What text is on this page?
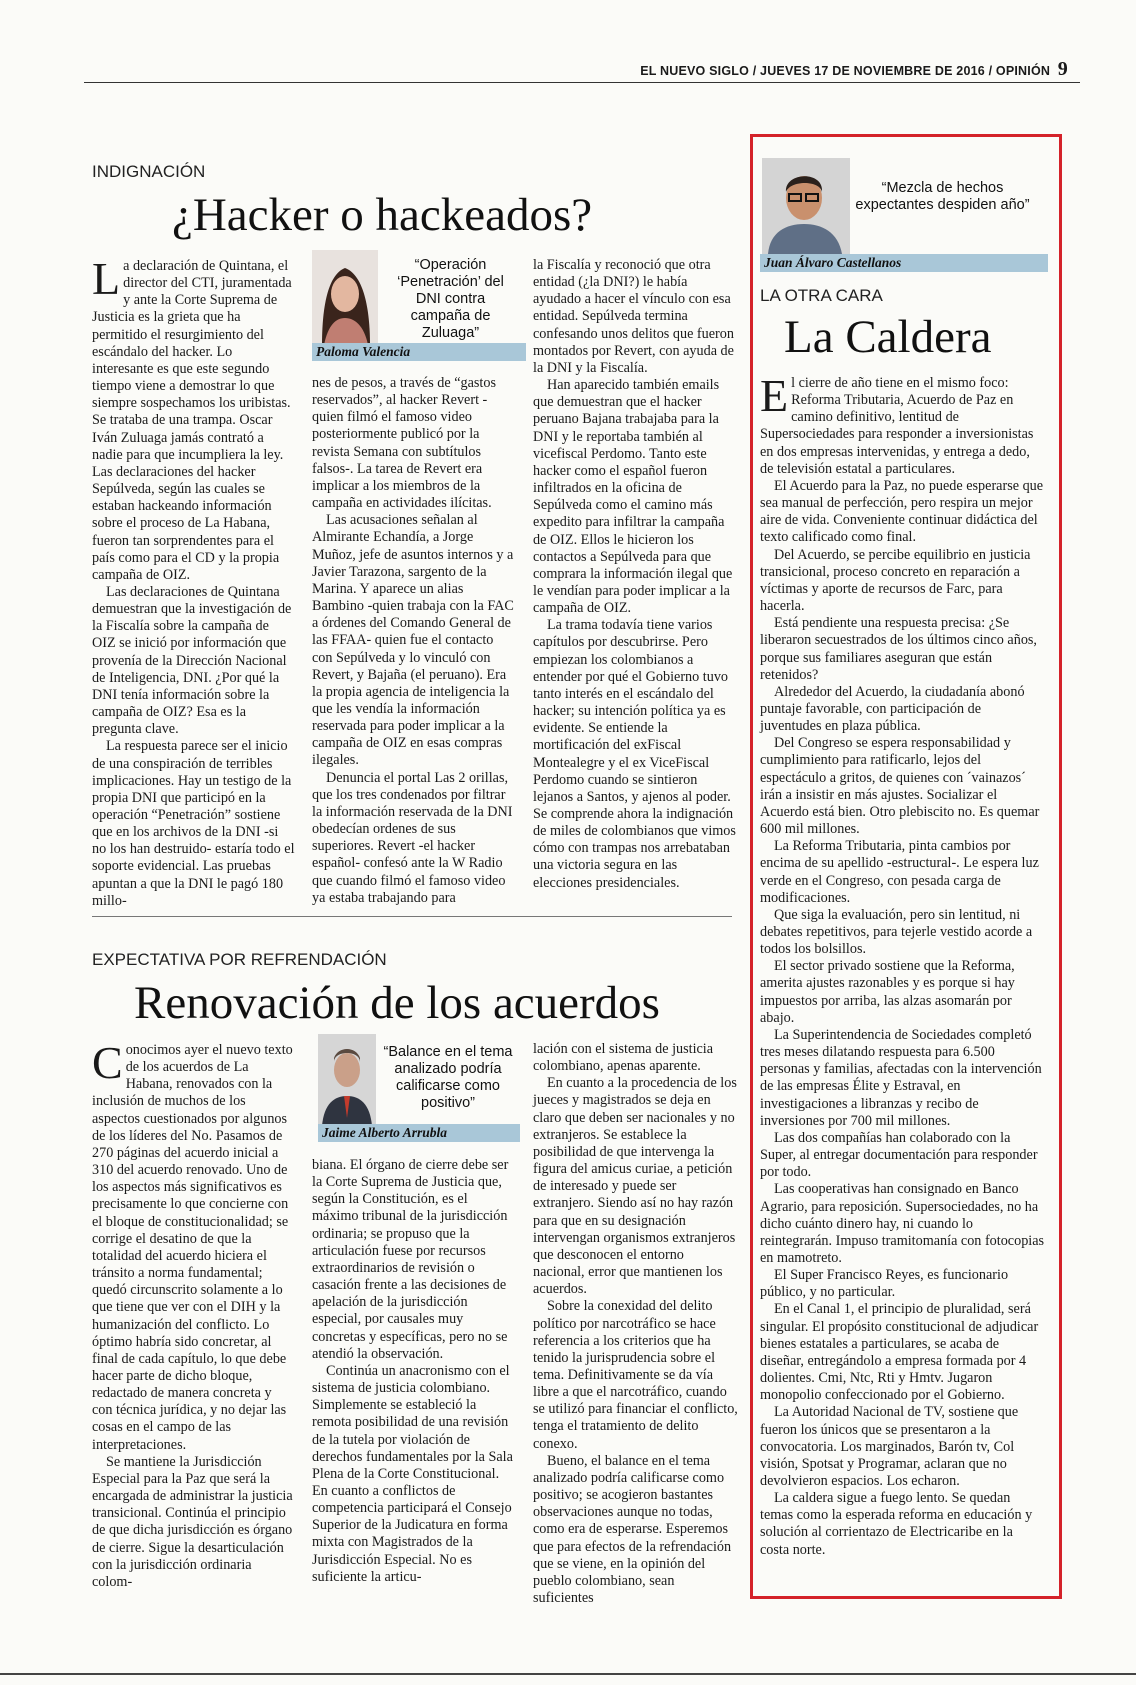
EL NUEVO SIGLO / JUEVES 17 DE NOVIEMBRE DE 2016 / OPINIÓN 9
INDIGNACIÓN
¿Hacker o hackeados?

La declaración de Quintana, el director del CTI, juramentada y ante la Corte Suprema de Justicia es la grieta que ha permitido el resurgimiento del escándalo del hacker. Lo interesante es que este segundo tiempo viene a demostrar lo que siempre sospechamos los uribistas. Se trataba de una trampa. Oscar Iván Zuluaga jamás contrató a nadie para que incumpliera la ley. Las declaraciones del hacker Sepúlveda, según las cuales se estaban hackeando información sobre el proceso de La Habana, fueron tan sorprendentes para el país como para el CD y la propia campaña de OIZ.

Las declaraciones de Quintana demuestran que la investigación de la Fiscalía sobre la campaña de OIZ se inició por información que provenía de la Dirección Nacional de Inteligencia, DNI. ¿Por qué la DNI tenía información sobre la campaña de OIZ? Esa es la pregunta clave.

La respuesta parece ser el inicio de una conspiración de terribles implicaciones. Hay un testigo de la propia DNI que participó en la operación “Penetración” sostiene que en los archivos de la DNI -si no los han destruido- estaría todo el soporte evidencial. Las pruebas apuntan a que la DNI le pagó 180 millo-

“Operación ‘Penetración’ del DNI contra campaña de Zuluaga”
Paloma Valencia

nes de pesos, a través de “gastos reservados”, al hacker Revert -quien filmó el famoso video posteriormente publicó por la revista Semana con subtítulos falsos-. La tarea de Revert era implicar a los miembros de la campaña en actividades ilícitas.

Las acusaciones señalan al Almirante Echandía, a Jorge Muñoz, jefe de asuntos internos y a Javier Tarazona, sargento de la Marina. Y aparece un alias Bambino -quien trabaja con la FAC a órdenes del Comando General de las FFAA- quien fue el contacto con Sepúlveda y lo vinculó con Revert, y Bajaña (el peruano). Era la propia agencia de inteligencia la que les vendía la información reservada para poder implicar a la campaña de OIZ en esas compras ilegales.

Denuncia el portal Las 2 orillas, que los tres condenados por filtrar la información reservada de la DNI obedecían ordenes de sus superiores. Revert -el hacker español- confesó ante la W Radio que cuando filmó el famoso video ya estaba trabajando para

la Fiscalía y reconoció que otra entidad (¿la DNI?) le había ayudado a hacer el vínculo con esa entidad. Sepúlveda termina confesando unos delitos que fueron montados por Revert, con ayuda de la DNI y la Fiscalía.

Han aparecido también emails que demuestran que el hacker peruano Bajana trabajaba para la DNI y le reportaba también al vicefiscal Perdomo. Tanto este hacker como el español fueron infiltrados en la oficina de Sepúlveda como el camino más expedito para infiltrar la campaña de OIZ. Ellos le hicieron los contactos a Sepúlveda para que comprara la información ilegal que le vendían para poder implicar a la campaña de OIZ.

La trama todavía tiene varios capítulos por descubrirse. Pero empiezan los colombianos a entender por qué el Gobierno tuvo tanto interés en el escándalo del hacker; su intención política ya es evidente. Se entiende la mortificación del exFiscal Montealegre y el ex ViceFiscal Perdomo cuando se sintieron lejanos a Santos, y ajenos al poder. Se comprende ahora la indignación de miles de colombianos que vimos cómo con trampas nos arrebataban una victoria segura en las elecciones presidenciales.

EXPECTATIVA POR REFRENDACIÓN
Renovación de los acuerdos

Conocimos ayer el nuevo texto de los acuerdos de La Habana, renovados con la inclusión de muchos de los aspectos cuestionados por algunos de los líderes del No. Pasamos de 270 páginas del acuerdo inicial a 310 del acuerdo renovado. Uno de los aspectos más significativos es precisamente lo que concierne con el bloque de constitucionalidad; se corrige el desatino de que la totalidad del acuerdo hiciera el tránsito a norma fundamental; quedó circunscrito solamente a lo que tiene que ver con el DIH y la humanización del conflicto. Lo óptimo habría sido concretar, al final de cada capítulo, lo que debe hacer parte de dicho bloque, redactado de manera concreta y con técnica jurídica, y no dejar las cosas en el campo de las interpretaciones.

Se mantiene la Jurisdicción Especial para la Paz que será la encargada de administrar la justicia transicional. Continúa el principio de que dicha jurisdicción es órgano de cierre. Sigue la desarticulación con la jurisdicción ordinaria colom-

“Balance en el tema analizado podría calificarse como positivo”
Jaime Alberto Arrubla

biana. El órgano de cierre debe ser la Corte Suprema de Justicia que, según la Constitución, es el máximo tribunal de la jurisdicción ordinaria; se propuso que la articulación fuese por recursos extraordinarios de revisión o casación frente a las decisiones de apelación de la jurisdicción especial, por causales muy concretas y específicas, pero no se atendió la observación.

Continúa un anacronismo con el sistema de justicia colombiano. Simplemente se estableció la remota posibilidad de una revisión de la tutela por violación de derechos fundamentales por la Sala Plena de la Corte Constitucional. En cuanto a conflictos de competencia participará el Consejo Superior de la Judicatura en forma mixta con Magistrados de la Jurisdicción Especial. No es suficiente la articu-

lación con el sistema de justicia colombiano, apenas aparente.

En cuanto a la procedencia de los jueces y magistrados se deja en claro que deben ser nacionales y no extranjeros. Se establece la posibilidad de que intervenga la figura del amicus curiae, a petición de interesado y puede ser extranjero. Siendo así no hay razón para que en su designación intervengan organismos extranjeros que desconocen el entorno nacional, error que mantienen los acuerdos.

Sobre la conexidad del delito político por narcotráfico se hace referencia a los criterios que ha tenido la jurisprudencia sobre el tema. Definitivamente se da vía libre a que el narcotráfico, cuando se utilizó para financiar el conflicto, tenga el tratamiento de delito conexo.

Bueno, el balance en el tema analizado podría calificarse como positivo; se acogieron bastantes observaciones aunque no todas, como era de esperarse. Esperemos que para efectos de la refrendación que se viene, en la opinión del pueblo colombiano, sean suficientes

“Mezcla de hechos expectantes despiden año”
Juan Álvaro Castellanos
LA OTRA CARA
La Caldera

El cierre de año tiene en el mismo foco: Reforma Tributaria, Acuerdo de Paz en camino definitivo, lentitud de Supersociedades para responder a inversionistas en dos empresas intervenidas, y entrega a dedo, de televisión estatal a particulares.

El Acuerdo para la Paz, no puede esperarse que sea manual de perfección, pero respira un mejor aire de vida. Conveniente continuar didáctica del texto calificado como final.

Del Acuerdo, se percibe equilibrio en justicia transicional, proceso concreto en reparación a víctimas y aporte de recursos de Farc, para hacerla.

Está pendiente una respuesta precisa: ¿Se liberaron secuestrados de los últimos cinco años, porque sus familiares aseguran que están retenidos?

Alrededor del Acuerdo, la ciudadanía abonó puntaje favorable, con participación de juventudes en plaza pública.

Del Congreso se espera responsabilidad y cumplimiento para ratificarlo, lejos del espectáculo a gritos, de quienes con ´vainazos´ irán a insistir en más ajustes. Socializar el Acuerdo está bien. Otro plebiscito no. Es quemar 600 mil millones.

La Reforma Tributaria, pinta cambios por encima de su apellido -estructural-. Le espera luz verde en el Congreso, con pesada carga de modificaciones.

Que siga la evaluación, pero sin lentitud, ni debates repetitivos, para tejerle vestido acorde a todos los bolsillos.

El sector privado sostiene que la Reforma, amerita ajustes razonables y es porque si hay impuestos por arriba, las alzas asomarán por abajo.

La Superintendencia de Sociedades completó tres meses dilatando respuesta para 6.500 personas y familias, afectadas con la intervención de las empresas Élite y Estraval, en investigaciones a libranzas y recibo de inversiones por 700 mil millones.

Las dos compañías han colaborado con la Super, al entregar documentación para responder por todo.

Las cooperativas han consignado en Banco Agrario, para reposición. Supersociedades, no ha dicho cuánto dinero hay, ni cuando lo reintegrarán. Impuso tramitomanía con fotocopias en mamotreto.

El Super Francisco Reyes, es funcionario público, y no particular.

En el Canal 1, el principio de pluralidad, será singular. El propósito constitucional de adjudicar bienes estatales a particulares, se acaba de diseñar, entregándolo a empresa formada por 4 dolientes. Cmi, Ntc, Rti y Hmtv. Jugaron monopolio confeccionado por el Gobierno.

La Autoridad Nacional de TV, sostiene que fueron los únicos que se presentaron a la convocatoria. Los marginados, Barón tv, Col visión, Spotsat y Programar, aclaran que no devolvieron espacios. Los echaron.

La caldera sigue a fuego lento. Se quedan temas como la esperada reforma en educación y solución al corrientazo de Electricaribe en la costa norte.
